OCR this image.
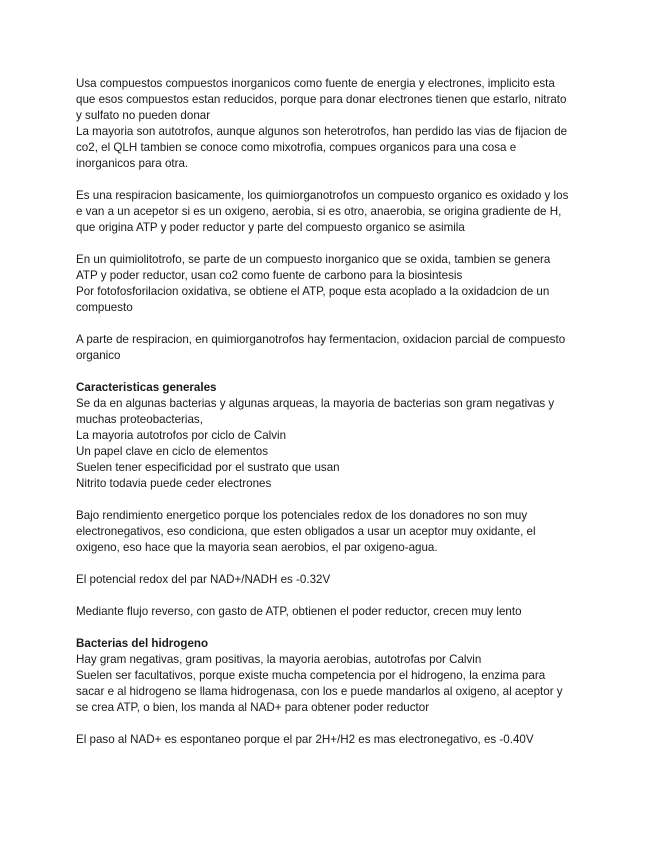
Usa compuestos compuestos inorganicos como fuente de energia y electrones, implicito esta
que esos compuestos estan reducidos, porque para donar electrones tienen que estarlo, nitrato
y sulfato no pueden donar
La mayoria son autotrofos, aunque algunos son heterotrofos, han perdido las vias de fijacion de
co2, el QLH tambien se conoce como mixotrofia, compues organicos para una cosa e
inorganicos para otra.
Es una respiracion basicamente, los quimiorganotrofos un compuesto organico es oxidado y los
e van a un acepetor si es un oxigeno, aerobia, si es otro, anaerobia, se origina gradiente de H,
que origina ATP y poder reductor y parte del compuesto organico se asimila
En un quimiolitotrofo, se parte de un compuesto inorganico que se oxida, tambien se genera
ATP y poder reductor, usan co2 como fuente de carbono para la biosintesis
Por fotofosforilacion oxidativa, se obtiene el ATP, poque esta acoplado a la oxidadcion de un
compuesto
A parte de respiracion, en quimiorganotrofos hay fermentacion, oxidacion parcial de compuesto
organico
Caracteristicas generales
Se da en algunas bacterias y algunas arqueas, la mayoria de bacterias son gram negativas y
muchas proteobacterias,
La mayoria autotrofos por ciclo de Calvin
Un papel clave en ciclo de elementos
Suelen tener especificidad por el sustrato que usan
Nitrito todavia puede ceder electrones
Bajo rendimiento energetico porque los potenciales redox de los donadores no son muy
electronegativos, eso condiciona, que esten obligados a usar un aceptor muy oxidante, el
oxigeno, eso hace que la mayoria sean aerobios, el par oxigeno-agua.
El potencial redox del par NAD+/NADH es -0.32V
Mediante flujo reverso, con gasto de ATP, obtienen el poder reductor, crecen muy lento
Bacterias del hidrogeno
Hay gram negativas, gram positivas, la mayoria aerobias, autotrofas por Calvin
Suelen ser facultativos, porque existe mucha competencia por el hidrogeno, la enzima para
sacar e al hidrogeno se llama hidrogenasa, con los e puede mandarlos al oxigeno, al aceptor y
se crea ATP, o bien, los manda al NAD+ para obtener poder reductor
El paso al NAD+ es espontaneo porque el par 2H+/H2 es mas electronegativo, es -0.40V
